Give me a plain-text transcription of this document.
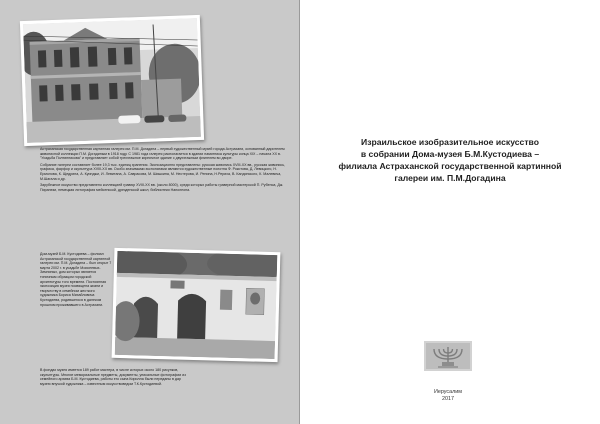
Астраханская государственная картинная галерея им. П.М. Догадина – первый художественный музей города Астрахани, основанный дарителем живописной коллекции П.М. Догадиным в 1918 году. С 1981 года галерея располагается в здании памятника культуры конца XIX – начала XX в. "Усадьба Полтинникова" и представляет собой трехэтажное кирпичное здание с двухэтажным флигелем во дворе.

Собрание галереи составляет более 19,3 тыс. единиц хранения. Экспозиционно представлены: русская живопись XVIII-XX вв., русская живопись, графика, фарфор и скульптура XVIII-XX вв. Особо значимыми экспонатами являются художественные полотна Ф. Рокотова, Д. Левицкого, Н. Ермолова, К. Щедрина, А. Куинджи, И. Левитана, А. Саврасова, М. Шишкина, М. Нестерова, И. Репина, Н.Рериха, В. Кандинского, К. Малевича, М.Шагала и др.

Зарубежное искусство представлено коллекцией гравюр XVIII-XX вв. (около 8000), среди которых работы граверной мастерской П. Рубенса, Дж. Пиранези, немецкая литография мейсенской, дрезденской школ, библиотеки Наполеона.

Дом-музей Б.М. Кустодиева – филиал Астраханской государственной картинной галереи им. П.М. Догадина – был открыт 7 марта 2002 г. в усадьбе Моисеевых-Зимниных, дом которых является типичным образцом городской архитектуры того времени. Постоянная экспозиция музея посвящена жизни и творчеству в семейном жесткого художника Бориса Михайловича Кустодиева, родившегося в далеком прошлом проживавшего в Астрахани.

В фондах музея имеется 189 работ мастера, в числе которых около 180 рисунков, скульптуры. Многие мемориальные предметы, документы, уникальные фотографии из семейного архива Б.М. Кустодиева, работы его сына Кирилла были переданы в дар музею внучкой художника – известным искусствоведом Т.К.Кустодиевой.

Израильское изобразительное искусство
в собрании Дома-музея Б.М.Кустодиева –
филиала Астраханской государственной картинной
галереи им. П.М.Догадина
Иерусалим
2017
